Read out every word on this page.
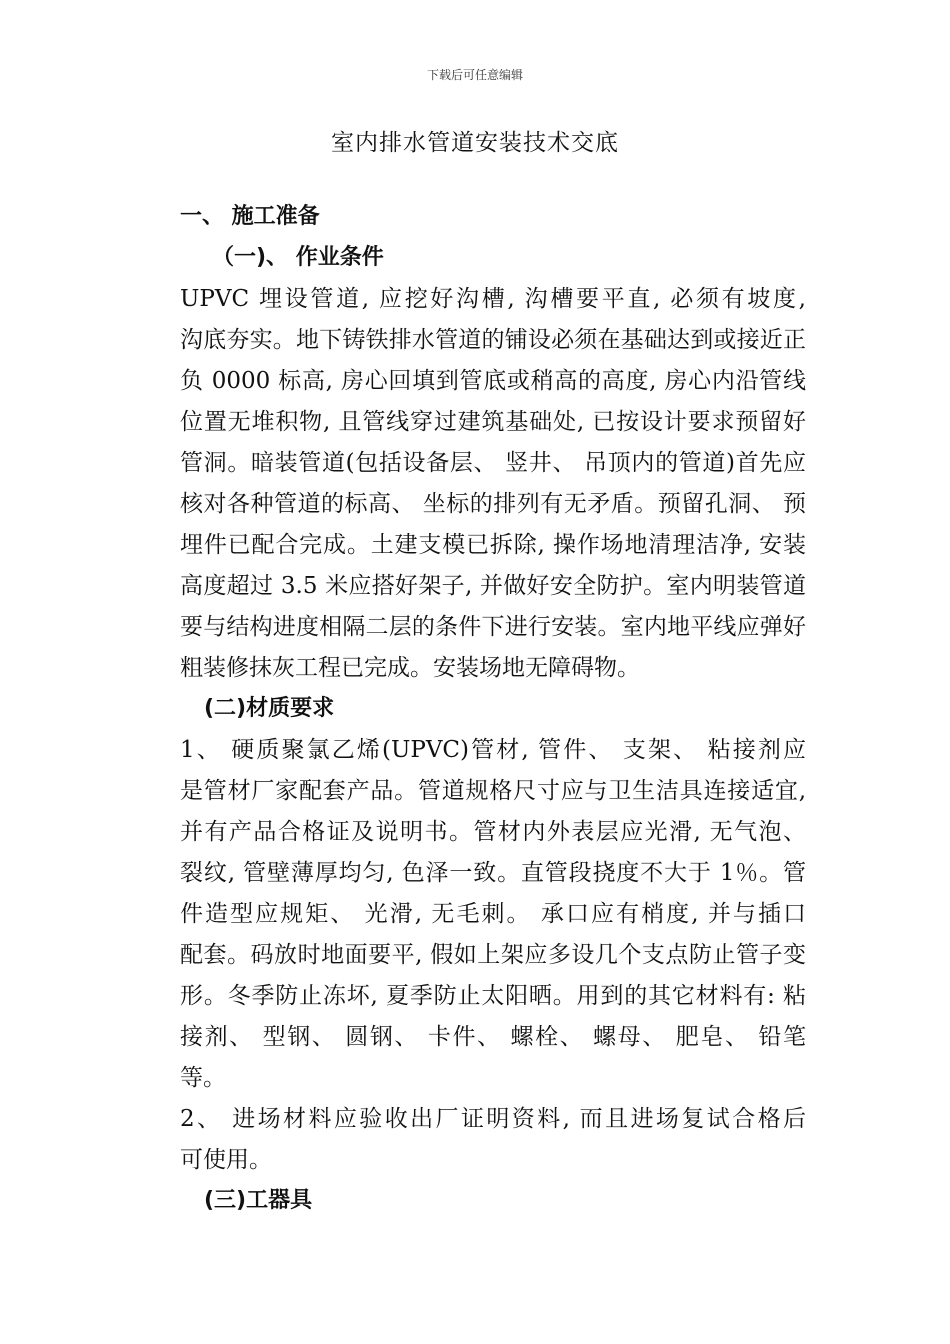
下载后可任意编辑
室内排水管道安装技术交底
一、 施工准备
（一)、 作业条件
UPVC 埋设管道, 应挖好沟槽, 沟槽要平直, 必须有坡度,
沟底夯实。地下铸铁排水管道的铺设必须在基础达到或接近正
负 0000 标高, 房心回填到管底或稍高的高度, 房心内沿管线
位置无堆积物, 且管线穿过建筑基础处, 已按设计要求预留好
管洞。暗装管道(包括设备层、 竖井、 吊顶内的管道)首先应
核对各种管道的标高、 坐标的排列有无矛盾。预留孔洞、 预
埋件已配合完成。土建支模已拆除, 操作场地清理洁净, 安装
高度超过 3.5 米应搭好架子, 并做好安全防护。室内明装管道
要与结构进度相隔二层的条件下进行安装。室内地平线应弹好
粗装修抹灰工程已完成。安装场地无障碍物。
(二)材质要求
1、 硬质聚氯乙烯(UPVC)管材, 管件、 支架、 粘接剂应
是管材厂家配套产品。管道规格尺寸应与卫生洁具连接适宜,
并有产品合格证及说明书。管材内外表层应光滑, 无气泡、
裂纹, 管壁薄厚均匀, 色泽一致。直管段挠度不大于 1％。管
件造型应规矩、 光滑, 无毛刺。 承口应有梢度, 并与插口
配套。码放时地面要平, 假如上架应多设几个支点防止管子变
形。冬季防止冻坏, 夏季防止太阳晒。用到的其它材料有: 粘
接剂、 型钢、 圆钢、 卡件、 螺栓、 螺母、 肥皂、 铅笔
等。
2、 进场材料应验收出厂证明资料, 而且进场复试合格后
可使用。
(三)工器具
